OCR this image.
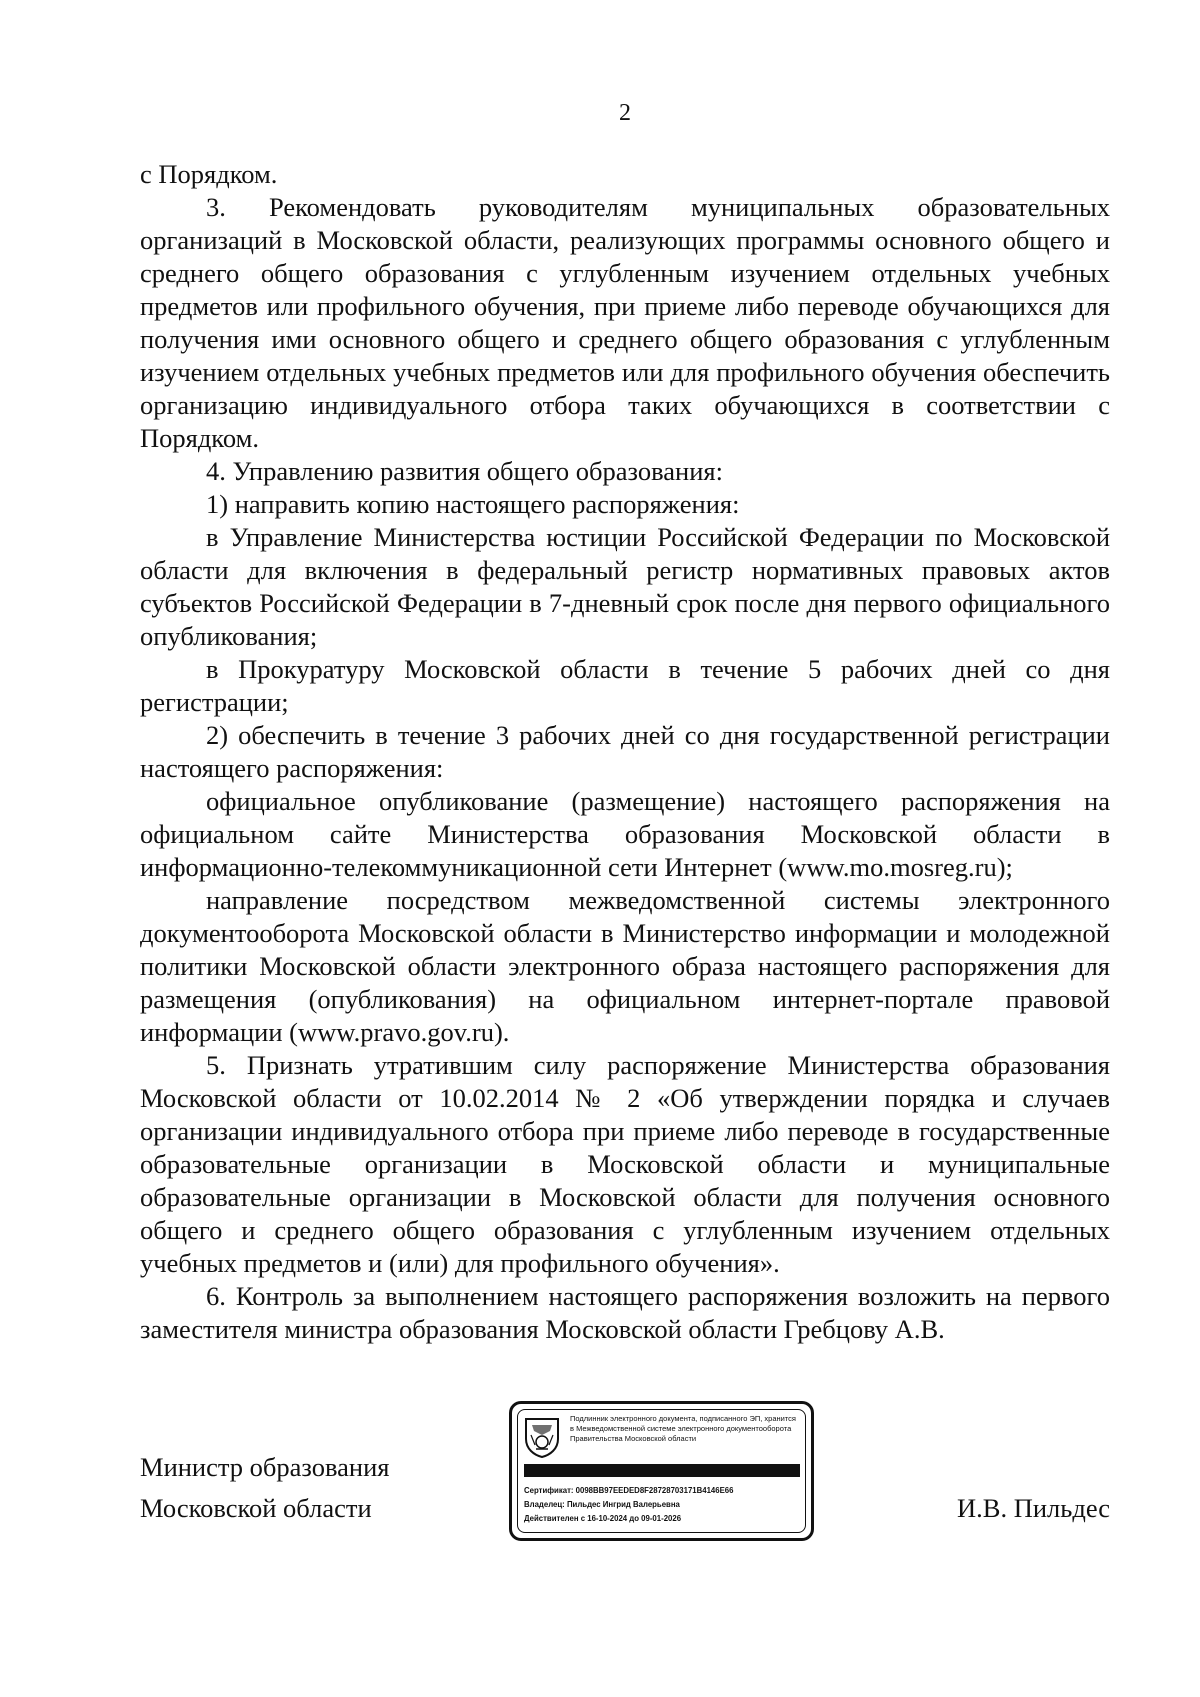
2

с Порядком.

3. Рекомендовать руководителям муниципальных образовательных организаций в Московской области, реализующих программы основного общего и среднего общего образования с углубленным изучением отдельных учебных предметов или профильного обучения, при приеме либо переводе обучающихся для получения ими основного общего и среднего общего образования с углубленным изучением отдельных учебных предметов или для профильного обучения обеспечить организацию индивидуального отбора таких обучающихся в соответствии с Порядком.

4. Управлению развития общего образования:

1) направить копию настоящего распоряжения:

в Управление Министерства юстиции Российской Федерации по Московской области для включения в федеральный регистр нормативных правовых актов субъектов Российской Федерации в 7-дневный срок после дня первого официального опубликования;

в Прокуратуру Московской области в течение 5 рабочих дней со дня регистрации;

2) обеспечить в течение 3 рабочих дней со дня государственной регистрации настоящего распоряжения:

официальное опубликование (размещение) настоящего распоряжения на официальном сайте Министерства образования Московской области в информационно-телекоммуникационной сети Интернет (www.mo.mosreg.ru);

направление посредством межведомственной системы электронного документооборота Московской области в Министерство информации и молодежной политики Московской области электронного образа настоящего распоряжения для размещения (опубликования) на официальном интернет-портале правовой информации (www.pravo.gov.ru).

5. Признать утратившим силу распоряжение Министерства образования Московской области от 10.02.2014 № 2 «Об утверждении порядка и случаев организации индивидуального отбора при приеме либо переводе в государственные образовательные организации в Московской области и муниципальные образовательные организации в Московской области для получения основного общего и среднего общего образования с углубленным изучением отдельных учебных предметов и (или) для профильного обучения».

6. Контроль за выполнением настоящего распоряжения возложить на первого заместителя министра образования Московской области Гребцову А.В.

Министр образования
Московской области	И.В. Пильдес
Подлинник электронного документа, подписанного ЭП, хранится в Межведомственной системе электронного документооборота Правительства Московской области
Сертификат: 0098BB97EEDED8F28728703171B4146E66
Владелец: Пильдес Ингрид Валерьевна
Действителен с 16-10-2024 до 09-01-2026
